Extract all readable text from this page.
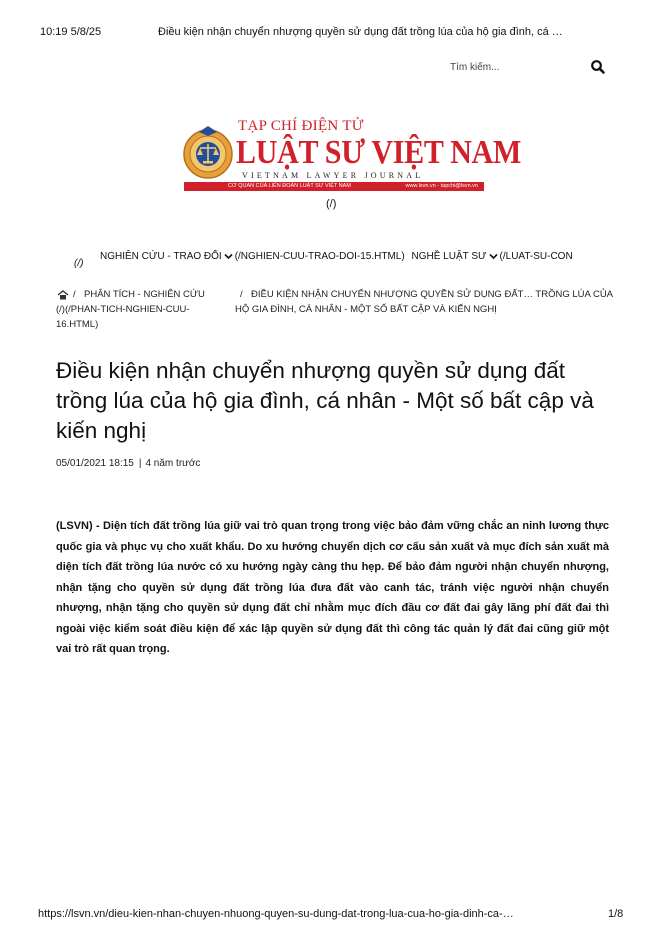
10:19 5/8/25	Điều kiện nhận chuyển nhượng quyền sử dụng đất trồng lúa của hộ gia đình, cá …
Tìm kiếm...
TẠP CHÍ ĐIỆN TỬ
LUẬT SƯ VIỆT NAM
VIETNAM LAWYER JOURNAL
CƠ QUAN CỦA LIÊN ĐOÀN LUẬT SƯ VIỆT NAM	www.lsvn.vn - tapchi@lsvn.vn
(/)
(/)
NGHIÊN CỨU - TRAO ĐỔI (/NGHIEN-CUU-TRAO-DOI-15.HTML) NGHỀ LUẬT SƯ (/LUAT-SU-CON
/ PHÂN TÍCH - NGHIÊN CỨU
(/)(/PHAN-TICH-NGHIEN-CUU-16.HTML)
/ ĐIỀU KIỆN NHẬN CHUYỂN NHƯỢNG QUYỀN SỬ DỤNG ĐẤT… TRỒNG LÚA CỦA HỘ GIA ĐÌNH, CÁ NHÂN - MỘT SỐ BẤT CẬP VÀ KIẾN NGHỊ
Điều kiện nhận chuyển nhượng quyền sử dụng đất trồng lúa của hộ gia đình, cá nhân - Một số bất cập và kiến nghị
05/01/2021 18:15 | 4 năm trước

(LSVN) - Diện tích đất trồng lúa giữ vai trò quan trọng trong việc bảo đảm vững chắc an ninh lương thực quốc gia và phục vụ cho xuất khẩu. Do xu hướng chuyển dịch cơ cấu sản xuất và mục đích sản xuất mà diện tích đất trồng lúa nước có xu hướng ngày càng thu hẹp. Để bảo đảm người nhận chuyển nhượng, nhận tặng cho quyền sử dụng đất trồng lúa đưa đất vào canh tác, tránh việc người nhận chuyển nhượng, nhận tặng cho quyền sử dụng đất chỉ nhằm mục đích đầu cơ đất đai gây lãng phí đất đai thì ngoài việc kiểm soát điều kiện để xác lập quyền sử dụng đất thì công tác quản lý đất đai cũng giữ một vai trò rất quan trọng.

https://lsvn.vn/dieu-kien-nhan-chuyen-nhuong-quyen-su-dung-dat-trong-lua-cua-ho-gia-dinh-ca-…	1/8
